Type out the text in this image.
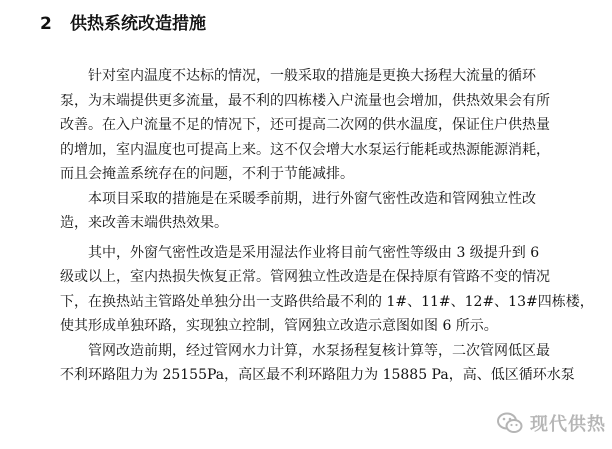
2 供热系统改造措施
针对室内温度不达标的情况，一般采取的措施是更换大扬程大流量的循环
泵，为末端提供更多流量，最不利的四栋楼入户流量也会增加，供热效果会有所
改善。在入户流量不足的情况下，还可提高二次网的供水温度，保证住户供热量
的增加，室内温度也可提高上来。这不仅会增大水泵运行能耗或热源能源消耗，
而且会掩盖系统存在的问题，不利于节能减排。
本项目采取的措施是在采暖季前期，进行外窗气密性改造和管网独立性改
造，来改善末端供热效果。
其中，外窗气密性改造是采用湿法作业将目前气密性等级由 3 级提升到 6
级或以上，室内热损失恢复正常。管网独立性改造是在保持原有管路不变的情况
下，在换热站主管路处单独分出一支路供给最不利的 1#、11#、12#、13#四栋楼，
使其形成单独环路，实现独立控制，管网独立改造示意图如图 6 所示。
管网改造前期，经过管网水力计算，水泵扬程复核计算等，二次管网低区最
不利环路阻力为 25155Pa，高区最不利环路阻力为 15885 Pa，高、低区循环水泵
现代供热
